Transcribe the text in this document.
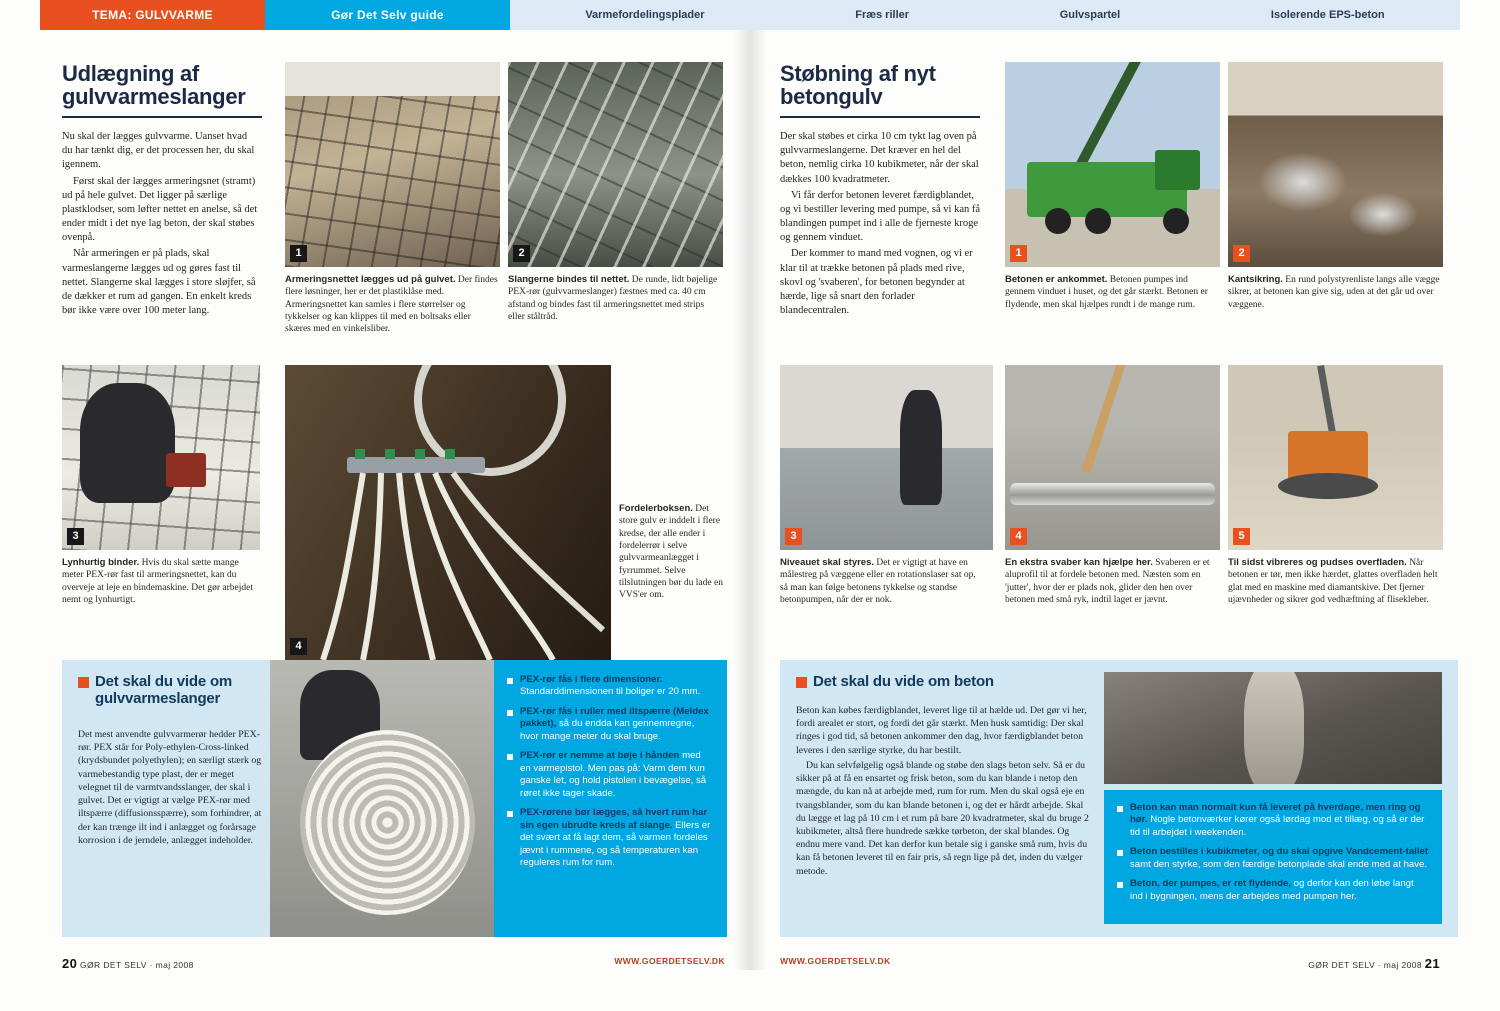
TEMA: GULVVARME	Gør Det Selv guide	Varmefordelingsplader	Fræs riller	Gulvspartel	Isolerende EPS-beton
Udlægning af gulvvarmeslanger

Nu skal der lægges gulvvarme. Uanset hvad du har tænkt dig, er det processen her, du skal igennem.

Først skal der lægges armeringsnet (stramt) ud på hele gulvet. Det ligger på særlige plastklodser, som løfter nettet en anelse, så det ender midt i det nye lag beton, der skal støbes ovenpå.

Når armeringen er på plads, skal varmeslangerne lægges ud og gøres fast til nettet. Slangerne skal lægges i store sløjfer, så de dækker et rum ad gangen. En enkelt kreds bør ikke være over 100 meter lang.

1
Armeringsnettet lægges ud på gulvet. Der findes flere løsninger, her er det plastiklåse med. Armeringsnettet kan samles i flere størrelser og tykkelser og kan klippes til med en boltsaks eller skæres med en vinkelsliber.
2
Slangerne bindes til nettet. De runde, lidt bøjelige PEX-rør (gulvvarmeslanger) fæstnes med ca. 40 cm afstand og bindes fast til armeringsnettet med strips eller ståltråd.
3
Lynhurtig binder. Hvis du skal sætte mange meter PEX-rør fast til armeringsnettet, kan du overveje at leje en bindemaskine. Det gør arbejdet nemt og lynhurtigt.
4
Fordelerboksen. Det store gulv er inddelt i flere kredse, der alle ender i fordelerrør i selve gulvvarmeanlægget i fyrrummet. Selve tilslutningen bør du lade en VVS'er om.
Det skal du vide om gulvvarmeslanger

Det mest anvendte gulvvarmerør hedder PEX-rør. PEX står for Poly-ethylen-Cross-linked (krydsbundet polyethylen); en særligt stærk og varmebestandig type plast, der er meget velegnet til de varmtvandsslanger, der skal i gulvet. Det er vigtigt at vælge PEX-rør med iltspærre (diffusionsspærre), som forhindrer, at der kan trænge ilt ind i anlægget og forårsage korrosion i de jerndele, anlægget indeholder.

PEX-rør fås i flere dimensioner. Standarddimensionen til boliger er 20 mm.
PEX-rør fås i ruller med iltspærre (Meldex pakket), så du endda kan gennemregne, hvor mange meter du skal bruge.
PEX-rør er nemme at bøje i hånden med en varmepistol. Men pas på: Varm dem kun ganske let, og hold pistolen i bevægelse, så røret ikke tager skade.
PEX-rørene bør lægges, så hvert rum har sin egen ubrudte kreds af slange. Ellers er det svært at få lagt dem, så varmen fordeles jævnt i rummene, og så temperaturen kan reguleres rum for rum.
Støbning af nyt betongulv

Der skal støbes et cirka 10 cm tykt lag oven på gulvvarmeslangerne. Det kræver en hel del beton, nemlig cirka 10 kubikmeter, når der skal dækkes 100 kvadratmeter.

Vi får derfor betonen leveret færdigblandet, og vi bestiller levering med pumpe, så vi kan få blandingen pumpet ind i alle de fjerneste kroge og gennem vinduet.

Der kommer to mand med vognen, og vi er klar til at trække betonen på plads med rive, skovl og 'svaberen', for betonen begynder at hærde, lige så snart den forlader blandecentralen.

1
Betonen er ankommet. Betonen pumpes ind gennem vinduet i huset, og det går stærkt. Betonen er flydende, men skal hjælpes rundt i de mange rum.
2
Kantsikring. En rund polystyrenliste langs alle vægge sikrer, at betonen kan give sig, uden at det går ud over væggene.
3
Niveauet skal styres. Det er vigtigt at have en målestreg på væggene eller en rotationslaser sat op, så man kan følge betonens tykkelse og standse betonpumpen, når der er nok.
4
En ekstra svaber kan hjælpe her. Svaberen er et aluprofil til at fordele betonen med. Næsten som en 'jutter', hvor der er plads nok, glider den hen over betonen med små ryk, indtil laget er jævnt.
5
Til sidst vibreres og pudses overfladen. Når betonen er tør, men ikke hærdet, glattes overfladen helt glat med en maskine med diamantskive. Det fjerner ujævnheder og sikrer god vedhæftning af flisekleber.
Det skal du vide om beton

Beton kan købes færdigblandet, leveret lige til at hælde ud. Det gør vi her, fordi arealet er stort, og fordi det går stærkt. Men husk samtidig: Der skal ringes i god tid, så betonen ankommer den dag, hvor færdigblandet beton leveres i den særlige styrke, du har bestilt.

Du kan selvfølgelig også blande og støbe den slags beton selv. Så er du sikker på at få en ensartet og frisk beton, som du kan blande i netop den mængde, du kan nå at arbejde med, rum for rum. Men du skal også eje en tvangsblander, som du kan blande betonen i, og det er hårdt arbejde. Skal du lægge et lag på 10 cm i et rum på bare 20 kvadratmeter, skal du bruge 2 kubikmeter, altså flere hundrede sække tørbeton, der skal blandes. Og endnu mere vand. Det kan derfor kun betale sig i ganske små rum, hvis du kan få betonen leveret til en fair pris, så regn lige på det, inden du vælger metode.

Beton kan man normalt kun få leveret på hverdage, men ring og hør. Nogle betonværker kører også lørdag mod et tillæg, og så er der tid til arbejdet i weekenden.
Beton bestilles i kubikmeter, og du skal opgive Vandcement-tallet samt den styrke, som den færdige betonplade skal ende med at have.
Beton, der pumpes, er ret flydende, og derfor kan den løbe langt ind i bygningen, mens der arbejdes med pumpen her.
20 GØR DET SELV · maj 2008	WWW.GOERDETSELV.DK	WWW.GOERDETSELV.DK	GØR DET SELV · maj 2008 21
